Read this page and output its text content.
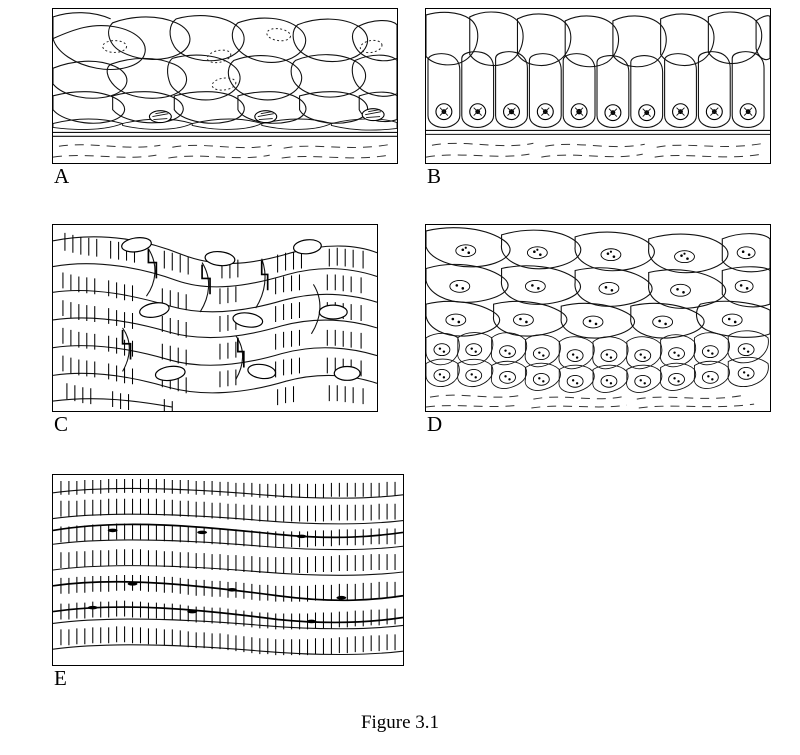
A	B
C	D
E
Figure 3.1
